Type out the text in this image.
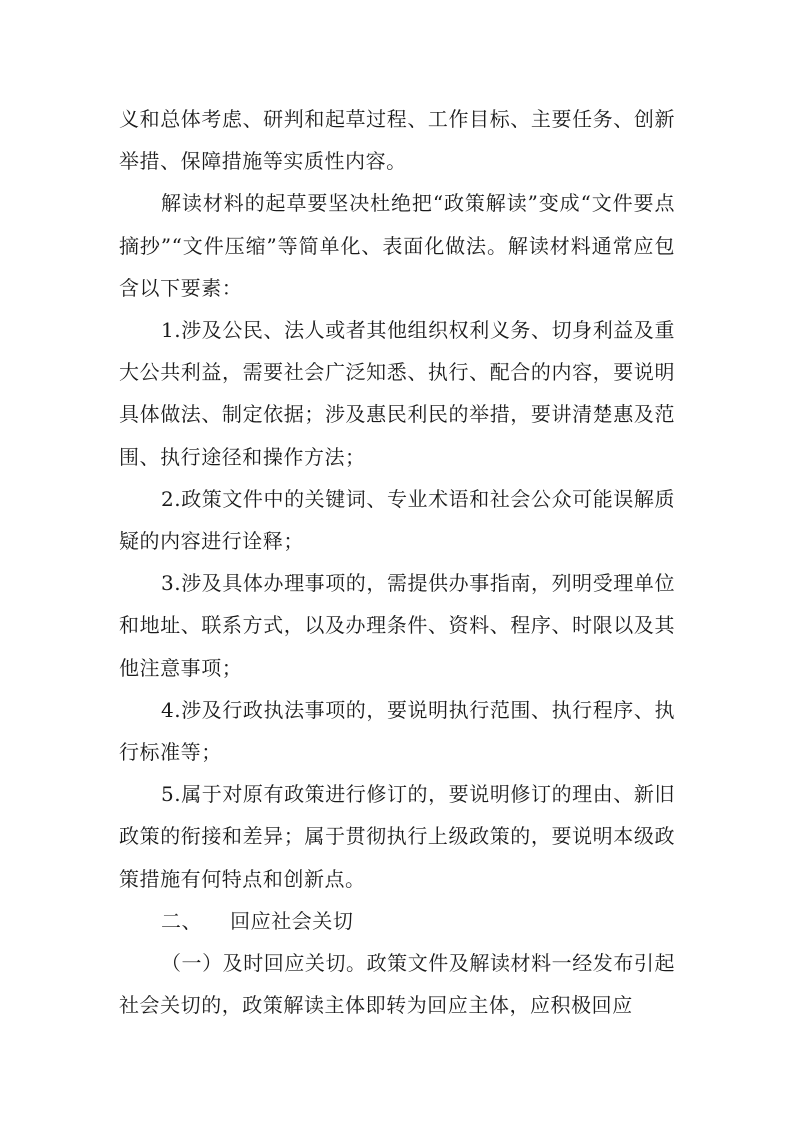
义和总体考虑、研判和起草过程、工作目标、主要任务、创新举措、保障措施等实质性内容。

解读材料的起草要坚决杜绝把“政策解读”变成“文件要点摘抄”“文件压缩”等简单化、表面化做法。解读材料通常应包含以下要素：

1.涉及公民、法人或者其他组织权利义务、切身利益及重大公共利益，需要社会广泛知悉、执行、配合的内容，要说明具体做法、制定依据；涉及惠民利民的举措，要讲清楚惠及范围、执行途径和操作方法；

2.政策文件中的关键词、专业术语和社会公众可能误解质疑的内容进行诠释；

3.涉及具体办理事项的，需提供办事指南，列明受理单位和地址、联系方式，以及办理条件、资料、程序、时限以及其他注意事项；

4.涉及行政执法事项的，要说明执行范围、执行程序、执行标准等；

5.属于对原有政策进行修订的，要说明修订的理由、新旧政策的衔接和差异；属于贯彻执行上级政策的，要说明本级政策措施有何特点和创新点。

二、 回应社会关切

（一）及时回应关切。政策文件及解读材料一经发布引起社会关切的，政策解读主体即转为回应主体，应积极回应
